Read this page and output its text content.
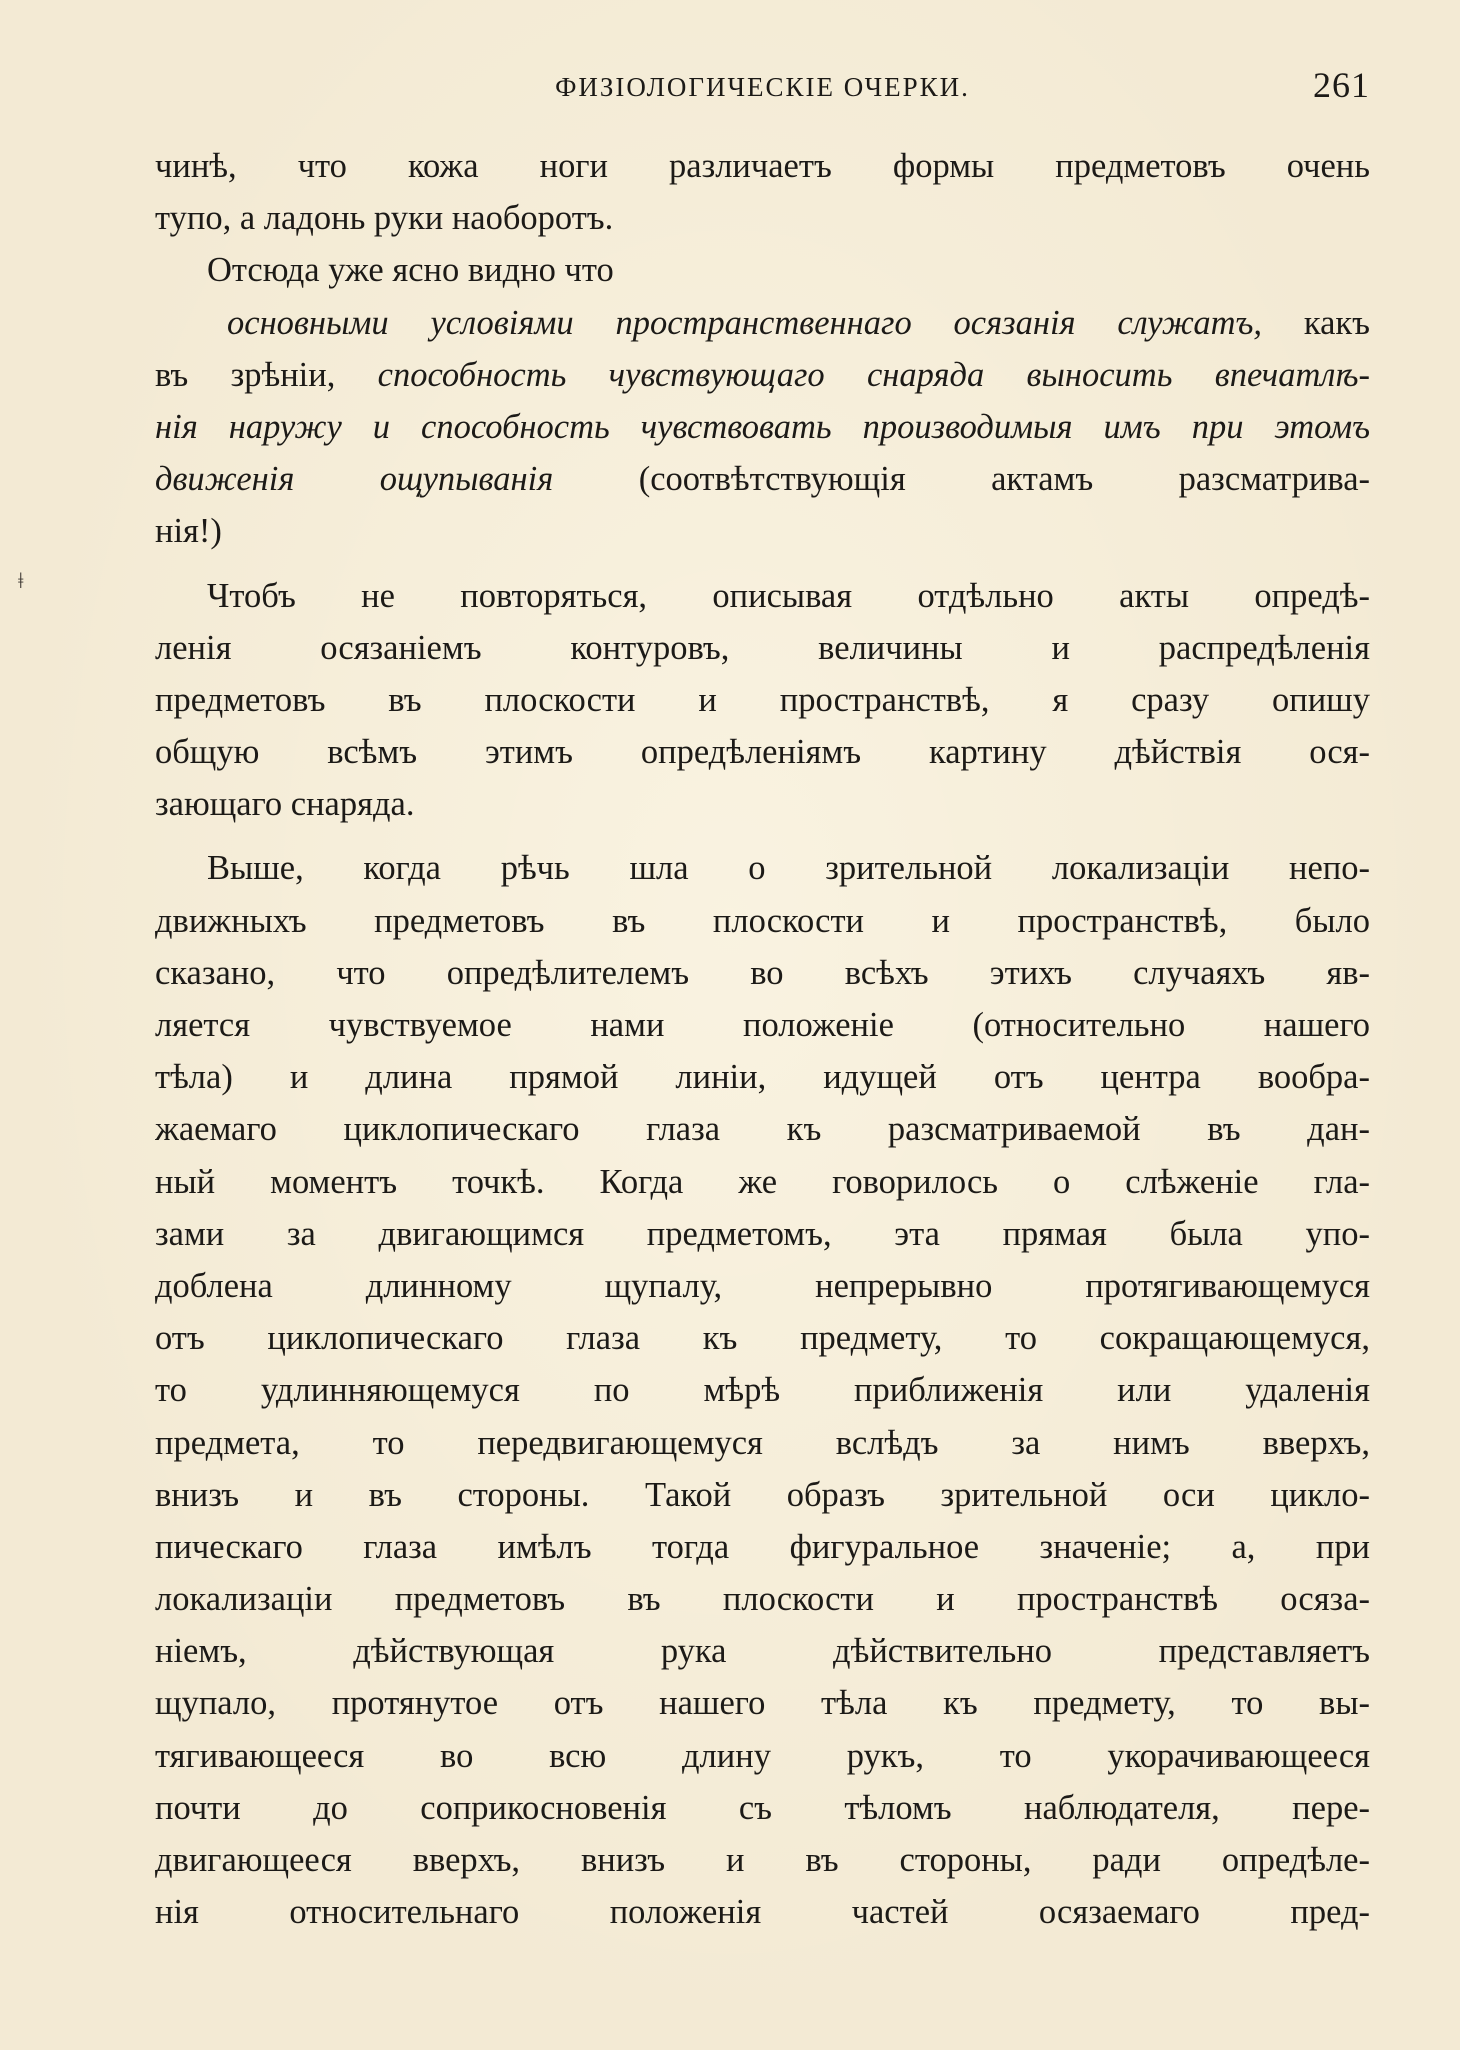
ФИЗІОЛОГИЧЕСКІЕ ОЧЕРКИ.	261
ǂ
чинѣ, что кожа ноги различаетъ формы предметовъ очень
тупо, а ладонь руки наоборотъ.
Отсюда уже ясно видно что
основными условіями пространственнаго осязанія служатъ, какъ
въ зрѣніи, способность чувствующаго снаряда выносить впечатлѣ-
нія наружу и способность чувствовать производимыя имъ при этомъ
движенія ощупыванія (соотвѣтствующія актамъ разсматрива-
нія!)
Чтобъ не повторяться, описывая отдѣльно акты опредѣ-
ленія осязаніемъ контуровъ, величины и распредѣленія
предметовъ въ плоскости и пространствѣ, я сразу опишу
общую всѣмъ этимъ опредѣленіямъ картину дѣйствія ося-
зающаго снаряда.
Выше, когда рѣчь шла о зрительной локализаціи непо-
движныхъ предметовъ въ плоскости и пространствѣ, было
сказано, что опредѣлителемъ во всѣхъ этихъ случаяхъ яв-
ляется чувствуемое нами положеніе (относительно нашего
тѣла) и длина прямой линіи, идущей отъ центра вообра-
жаемаго циклопическаго глаза къ разсматриваемой въ дан-
ный моментъ точкѣ. Когда же говорилось о слѣженіе гла-
зами за двигающимся предметомъ, эта прямая была упо-
доблена длинному щупалу, непрерывно протягивающемуся
отъ циклопическаго глаза къ предмету, то сокращающемуся,
то удлинняющемуся по мѣрѣ приближенія или удаленія
предмета, то передвигающемуся вслѣдъ за нимъ вверхъ,
внизъ и въ стороны. Такой образъ зрительной оси цикло-
пическаго глаза имѣлъ тогда фигуральное значеніе; а, при
локализаціи предметовъ въ плоскости и пространствѣ осяза-
ніемъ, дѣйствующая рука дѣйствительно представляетъ
щупало, протянутое отъ нашего тѣла къ предмету, то вы-
тягивающееся во всю длину рукъ, то укорачивающееся
почти до соприкосновенія съ тѣломъ наблюдателя, пере-
двигающееся вверхъ, внизъ и въ стороны, ради опредѣле-
нія относительнаго положенія частей осязаемаго пред-
